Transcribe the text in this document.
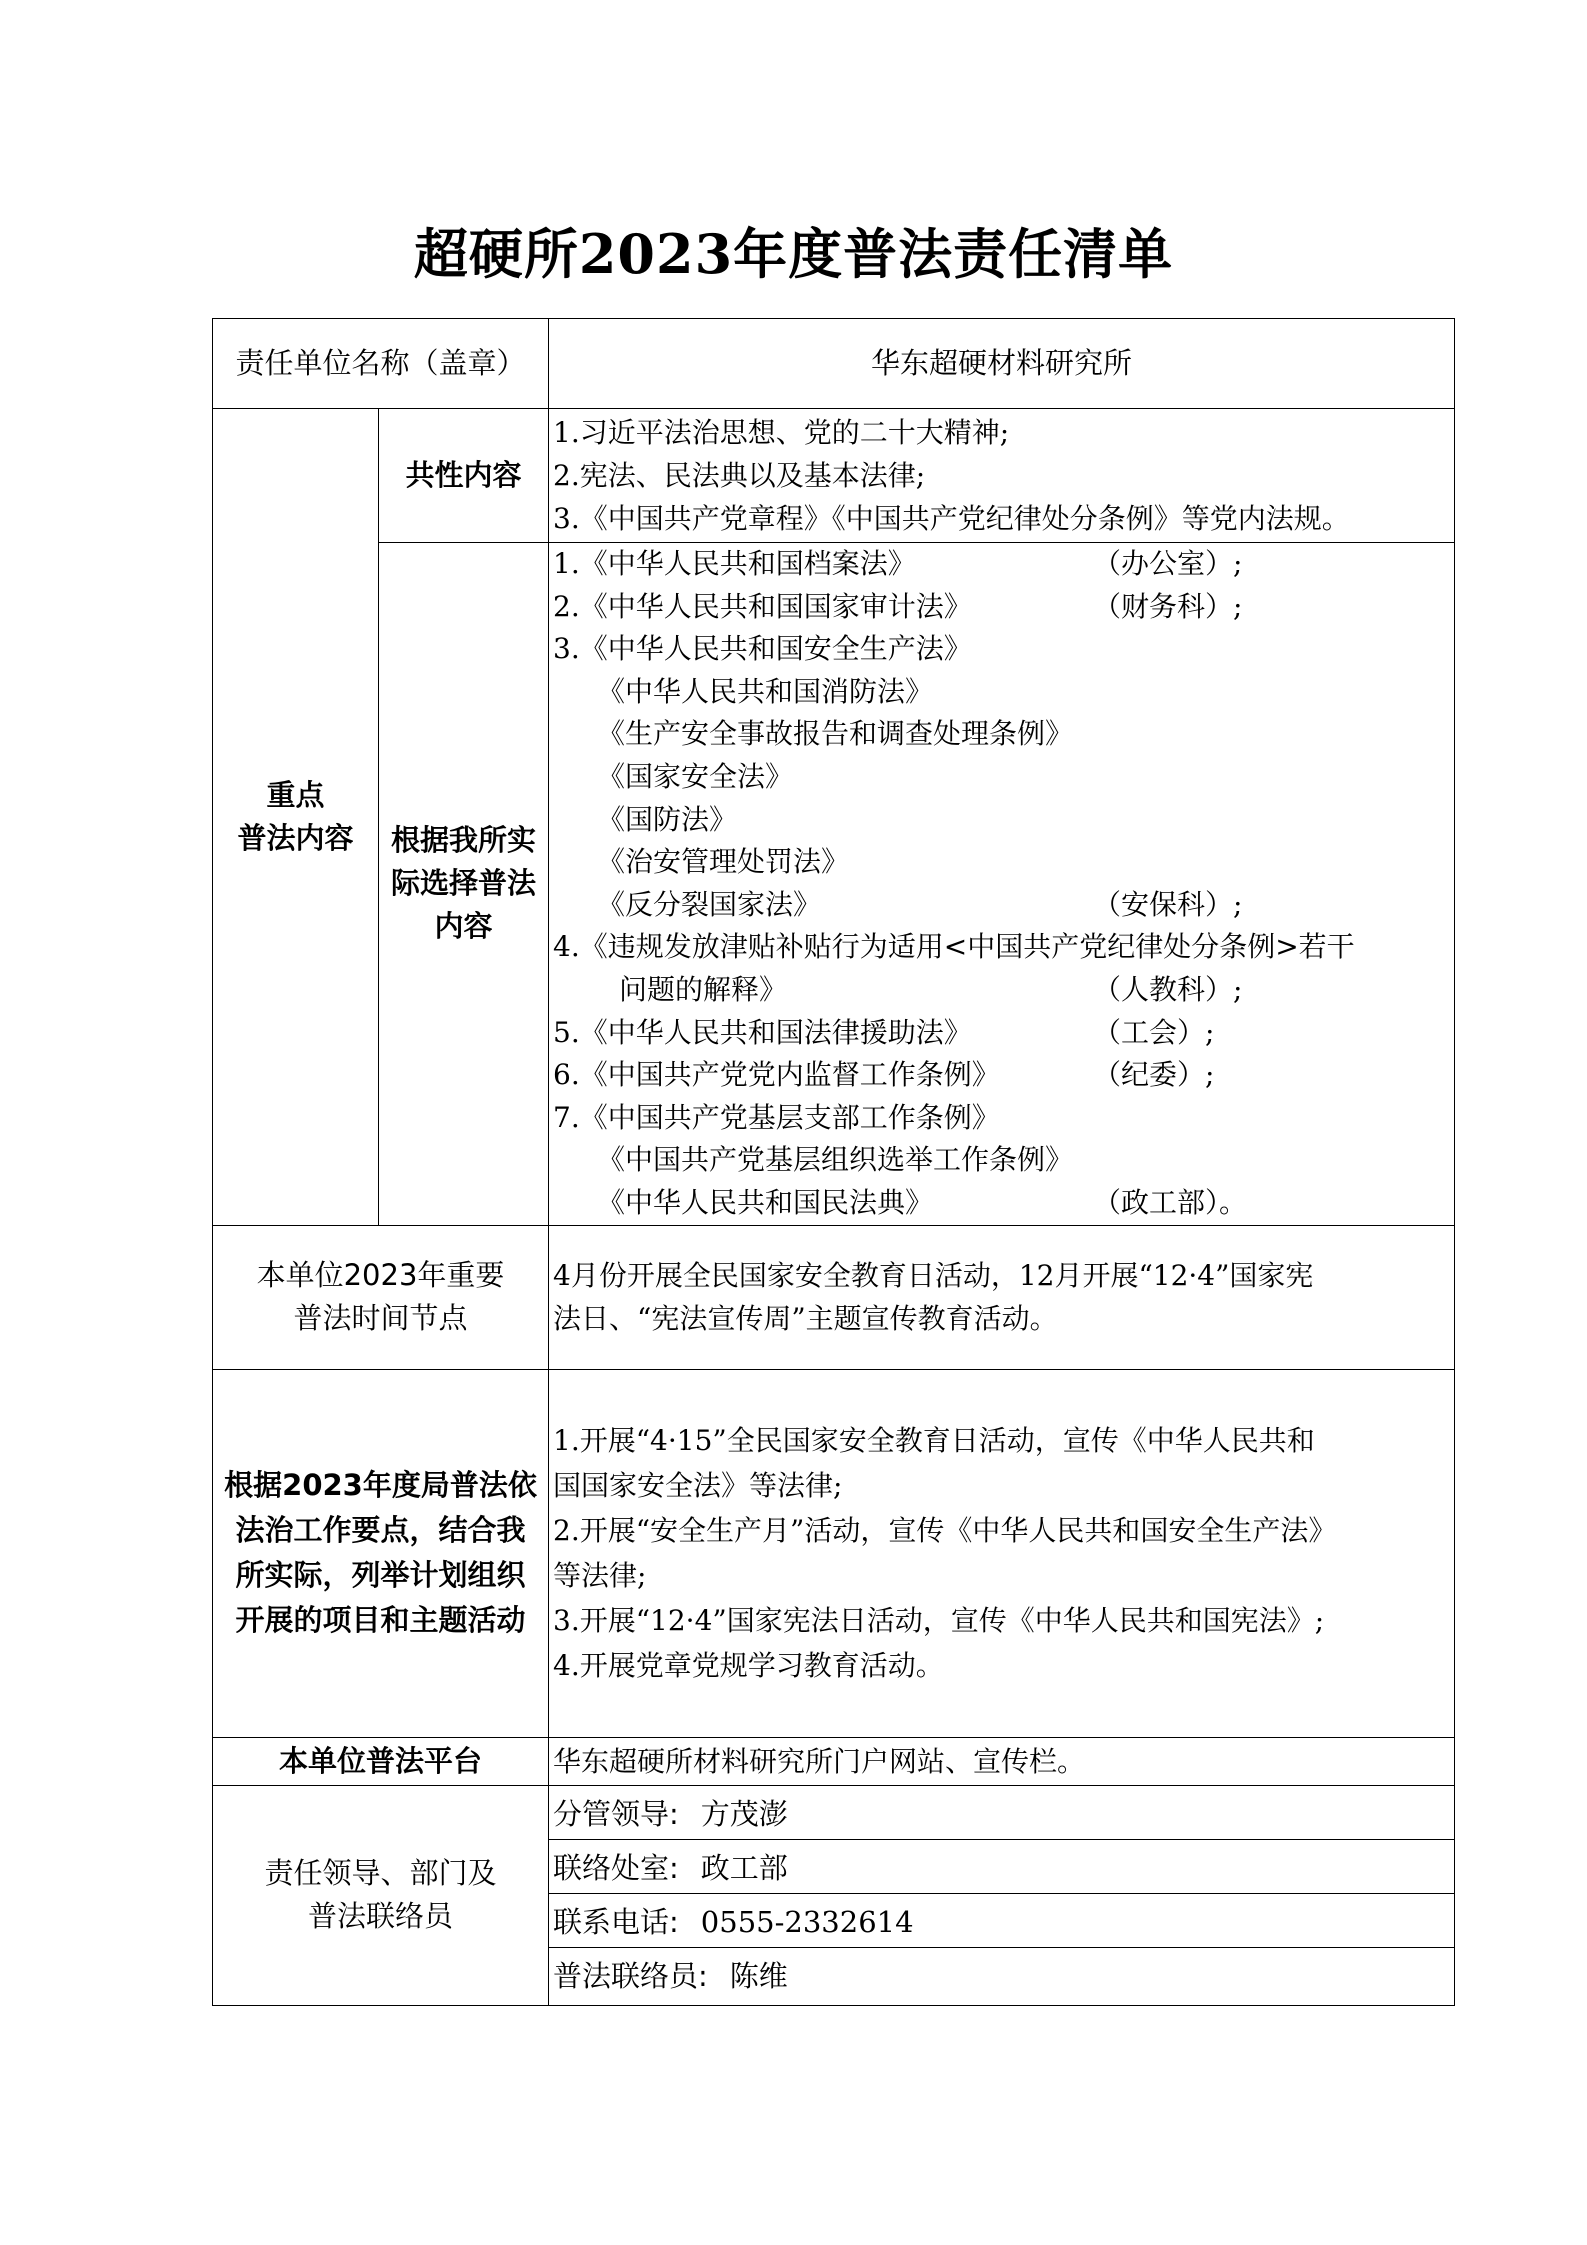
超硬所2023年度普法责任清单
责任单位名称（盖章）	华东超硬材料研究所

重点
普法内容
	共性内容	
1.习近平法治思想、党的二十大精神;
2.宪法、民法典以及基本法律;
3.《中国共产党章程》《中国共产党纪律处分条例》等党内法规。

根据我所实
际选择普法
内容

1.《中华人民共和国档案法》	（办公室）;
2.《中华人民共和国国家审计法》	（财务科）;
3.《中华人民共和国安全生产法》
《中华人民共和国消防法》
《生产安全事故报告和调查处理条例》
《国家安全法》
《国防法》
《治安管理处罚法》
《反分裂国家法》	（安保科）;
4.《违规发放津贴补贴行为适用<中国共产党纪律处分条例>若干
问题的解释》	（人教科）;
5.《中华人民共和国法律援助法》	（工会）;
6.《中国共产党党内监督工作条例》	（纪委）;
7.《中国共产党基层支部工作条例》
《中国共产党基层组织选举工作条例》
《中华人民共和国民法典》	（政工部）。

本单位2023年重要
普法时间节点

4月份开展全民国家安全教育日活动，12月开展“12·4”国家宪
法日、“宪法宣传周”主题宣传教育活动。

根据2023年度局普法依
法治工作要点，结合我
所实际，列举计划组织
开展的项目和主题活动

1.开展“4·15”全民国家安全教育日活动，宣传《中华人民共和
国国家安全法》等法律;
2.开展“安全生产月”活动，宣传《中华人民共和国安全生产法》
等法律;
3.开展“12·4”国家宪法日活动，宣传《中华人民共和国宪法》;
4.开展党章党规学习教育活动。

本单位普法平台	华东超硬所材料研究所门户网站、宣传栏。

责任领导、部门及
普法联络员

分管领导: 方茂澎
联络处室: 政工部
联系电话: 0555-2332614
普法联络员: 陈维
